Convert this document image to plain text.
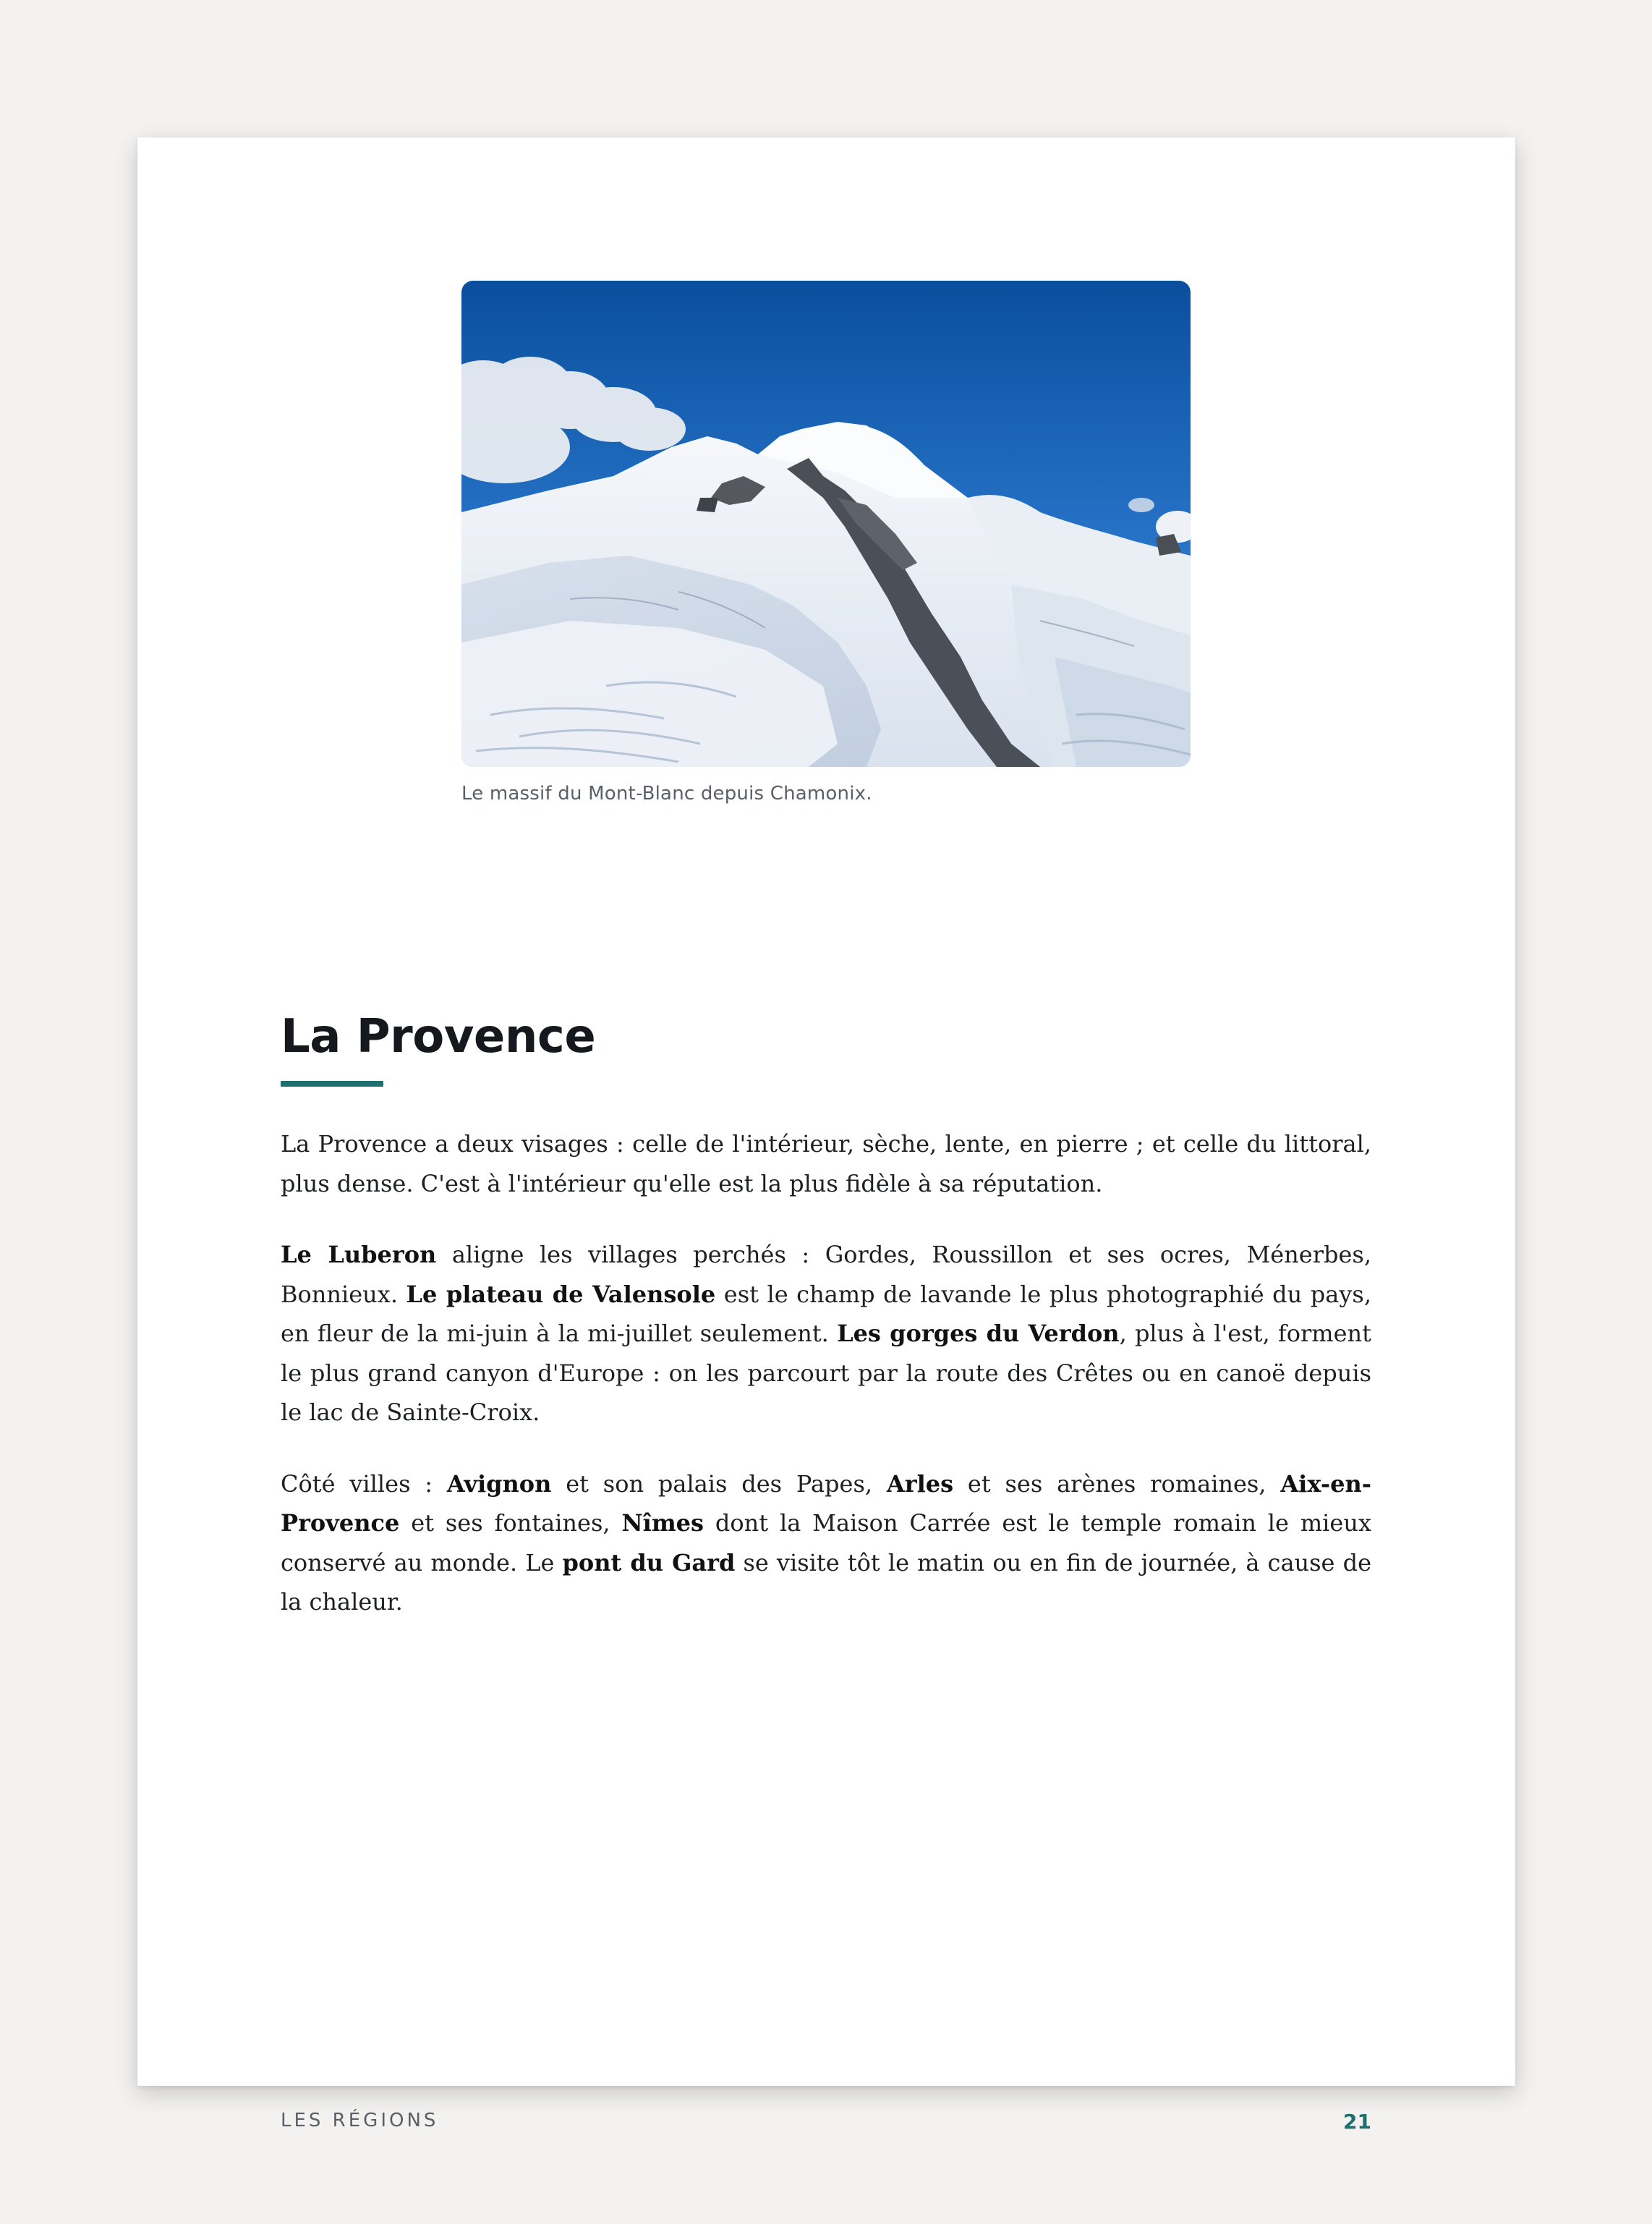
Le massif du Mont-Blanc depuis Chamonix.
La Provence

La Provence a deux visages : celle de l'intérieur, sèche, lente, en pierre ; et celle du littoral, plus dense. C'est à l'intérieur qu'elle est la plus fidèle à sa réputation.

Le Luberon aligne les villages perchés : Gordes, Roussillon et ses ocres, Ménerbes, Bonnieux. Le plateau de Valensole est le champ de lavande le plus photographié du pays, en fleur de la mi-juin à la mi-juillet seulement. Les gorges du Verdon, plus à l'est, forment le plus grand canyon d'Europe : on les parcourt par la route des Crêtes ou en canoë depuis le lac de Sainte-Croix.

Côté villes : Avignon et son palais des Papes, Arles et ses arènes romaines, Aix-en-Provence et ses fontaines, Nîmes dont la Maison Carrée est le temple romain le mieux conservé au monde. Le pont du Gard se visite tôt le matin ou en fin de journée, à cause de la chaleur.

LES RÉGIONS	21
